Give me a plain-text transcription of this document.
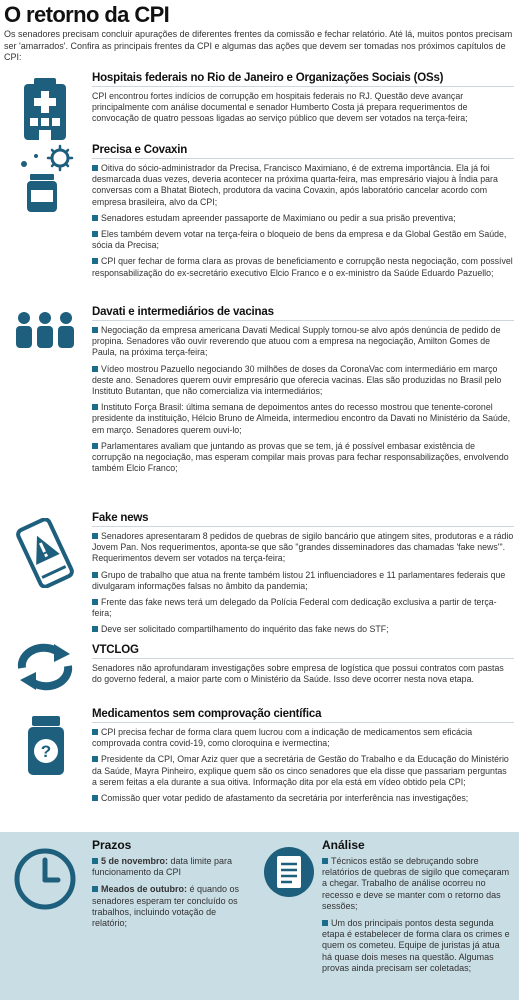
O retorno da CPI
Os senadores precisam concluir apurações de diferentes frentes da comissão e fechar relatório. Até lá, muitos pontos precisam ser 'amarrados'. Confira as principais frentes da CPI e algumas das ações que devem ser tomadas nos próximos capítulos de CPI:
Hospitais federais no Rio de Janeiro e Organizações Sociais (OSs)
CPI encontrou fortes indícios de corrupção em hospitais federais no RJ. Questão deve avançar principalmente com análise documental e senador Humberto Costa já prepara requerimentos de convocação de quatro pessoas ligadas ao serviço público que devem ser votados na terça-feira;
Precisa e Covaxin
Oitiva do sócio-administrador da Precisa, Francisco Maximiano, é de extrema importância. Ela já foi desmarcada duas vezes, deveria acontecer na próxima quarta-feira, mas empresário viajou à Índia para conversas com a Bhatat Biotech, produtora da vacina Covaxin, após laboratório cancelar acordo com empresa brasileira, alvo da CPI;
Senadores estudam apreender passaporte de Maximiano ou pedir a sua prisão preventiva;
Eles também devem votar na terça-feira o bloqueio de bens da empresa e da Global Gestão em Saúde, sócia da Precisa;
CPI quer fechar de forma clara as provas de beneficiamento e corrupção nesta negociação, com possível responsabilização do ex-secretário executivo Elcio Franco e o ex-ministro da Saúde Eduardo Pazuello;
Davati e intermediários de vacinas
Negociação da empresa americana Davati Medical Supply tornou-se alvo após denúncia de pedido de propina. Senadores vão ouvir reverendo que atuou com a empresa na negociação, Amilton Gomes de Paula, na próxima terça-feira;
Vídeo mostrou Pazuello negociando 30 milhões de doses da CoronaVac com intermediário em março deste ano. Senadores querem ouvir empresário que oferecia vacinas. Elas são produzidas no Brasil pelo Instituto Butantan, que não comercializa via intermediários;
Instituto Força Brasil: última semana de depoimentos antes do recesso mostrou que tenente-coronel presidente da instituição, Hélcio Bruno de Almeida, intermediou encontro da Davati no Ministério da Saúde, em março. Senadores querem ouvi-lo;
Parlamentares avaliam que juntando as provas que se tem, já é possível embasar existência de corrupção na negociação, mas esperam compilar mais provas para fechar responsabilizações, envolvendo também Elcio Franco;
Fake news
Senadores apresentaram 8 pedidos de quebras de sigilo bancário que atingem sites, produtoras e a rádio Jovem Pan. Nos requerimentos, aponta-se que são "grandes disseminadores das chamadas 'fake news'". Requerimentos devem ser votados na terça-feira;
Grupo de trabalho que atua na frente também listou 21 influenciadores e 11 parlamentares federais que divulgaram informações falsas no âmbito da pandemia;
Frente das fake news terá um delegado da Polícia Federal com dedicação exclusiva a partir de terça-feira;
Deve ser solicitado compartilhamento do inquérito das fake news do STF;
VTCLOG
Senadores não aprofundaram investigações sobre empresa de logística que possui contratos com pastas do governo federal, a maior parte com o Ministério da Saúde. Isso deve ocorrer nesta nova etapa.
?
Medicamentos sem comprovação científica
CPI precisa fechar de forma clara quem lucrou com a indicação de medicamentos sem eficácia comprovada contra covid-19, como cloroquina e ivermectina;
Presidente da CPI, Omar Aziz quer que a secretária de Gestão do Trabalho e da Educação do Ministério da Saúde, Mayra Pinheiro, explique quem são os cinco senadores que ela disse que passariam perguntas a serem feitas a ela durante a sua oitiva. Informação dita por ela está em vídeo obtido pela CPI;
Comissão quer votar pedido de afastamento da secretária por interferência nas investigações;
Prazos
5 de novembro: data limite para funcionamento da CPI
Meados de outubro: é quando os senadores esperam ter concluído os trabalhos, incluindo votação de relatório;
Análise
Técnicos estão se debruçando sobre relatórios de quebras de sigilo que começaram a chegar. Trabalho de análise ocorreu no recesso e deve se manter com o retorno das sessões;
Um dos principais pontos desta segunda etapa é estabelecer de forma clara os crimes e quem os cometeu. Equipe de juristas já atua há quase dois meses na questão. Algumas provas ainda precisam ser coletadas;
